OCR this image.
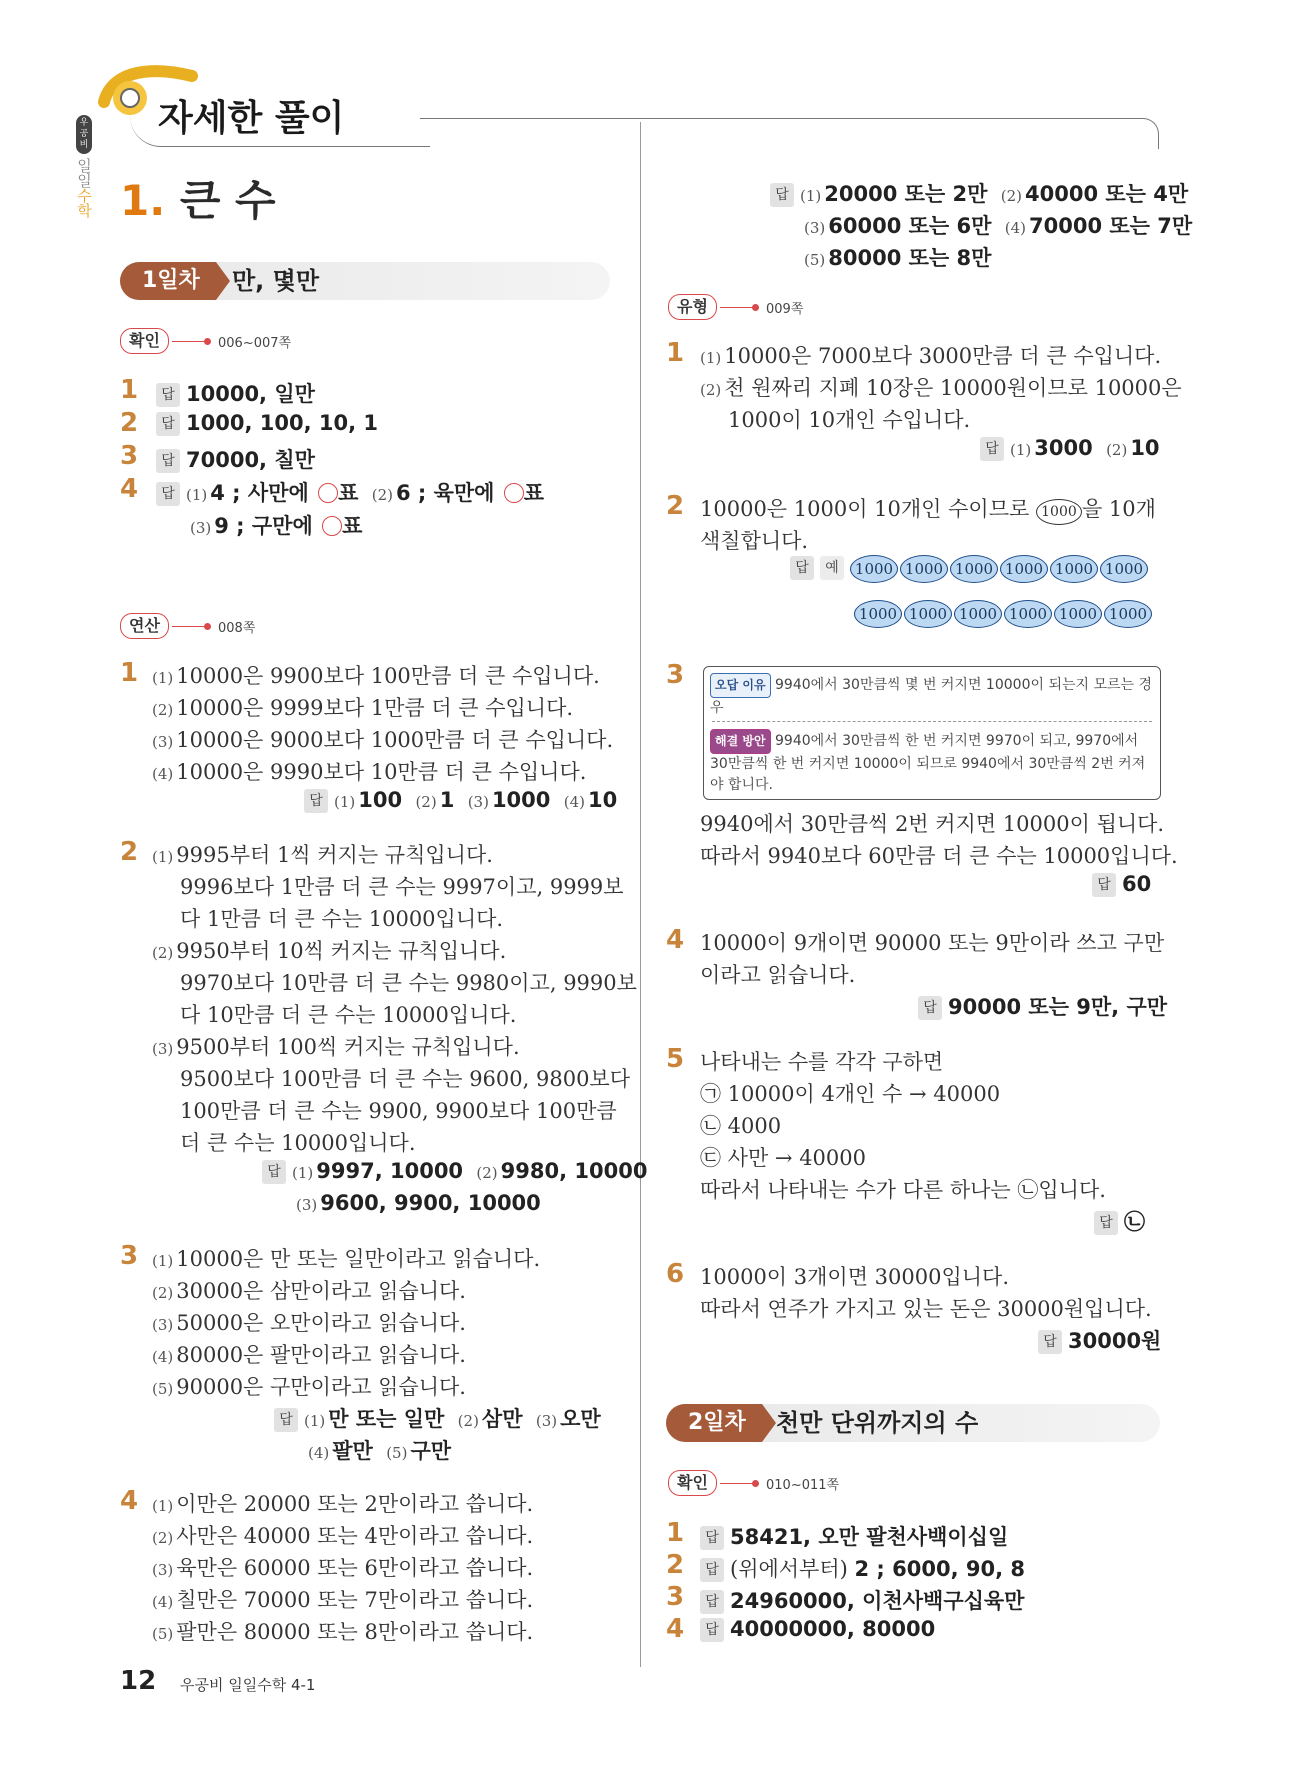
자세한 풀이
우공비
일일수학 1. 큰 수
1일차	만, 몇만
확인	006~007쪽
1	답 10000, 일만
2	답 1000, 100, 10, 1
3	답 70000, 칠만
4	답 (1) 4 ; 사만에 ○표 (2) 6 ; 육만에 ○표
(3) 9 ; 구만에 ○표
연산	008쪽
1 (1) 10000은 9900보다 100만큼 더 큰 수입니다.
(2) 10000은 9999보다 1만큼 더 큰 수입니다.
(3) 10000은 9000보다 1000만큼 더 큰 수입니다.
(4) 10000은 9990보다 10만큼 더 큰 수입니다.
답 (1) 100 (2) 1 (3) 1000 (4) 10
2 (1) 9995부터 1씩 커지는 규칙입니다.
9996보다 1만큼 더 큰 수는 9997이고, 9999보
다 1만큼 더 큰 수는 10000입니다.
(2) 9950부터 10씩 커지는 규칙입니다.
9970보다 10만큼 더 큰 수는 9980이고, 9990보
다 10만큼 더 큰 수는 10000입니다.
(3) 9500부터 100씩 커지는 규칙입니다.
9500보다 100만큼 더 큰 수는 9600, 9800보다
100만큼 더 큰 수는 9900, 9900보다 100만큼
더 큰 수는 10000입니다.
답 (1) 9997, 10000 (2) 9980, 10000
(3) 9600, 9900, 10000
3 (1) 10000은 만 또는 일만이라고 읽습니다.
(2) 30000은 삼만이라고 읽습니다.
(3) 50000은 오만이라고 읽습니다.
(4) 80000은 팔만이라고 읽습니다.
(5) 90000은 구만이라고 읽습니다.
답 (1) 만 또는 일만 (2) 삼만 (3) 오만
(4) 팔만 (5) 구만
4 (1) 이만은 20000 또는 2만이라고 씁니다.
(2) 사만은 40000 또는 4만이라고 씁니다.
(3) 육만은 60000 또는 6만이라고 씁니다.
(4) 칠만은 70000 또는 7만이라고 씁니다.
(5) 팔만은 80000 또는 8만이라고 씁니다.
답 (1) 20000 또는 2만 (2) 40000 또는 4만
(3) 60000 또는 6만 (4) 70000 또는 7만
(5) 80000 또는 8만
유형	009쪽
1 (1) 10000은 7000보다 3000만큼 더 큰 수입니다.
(2) 천 원짜리 지폐 10장은 10000원이므로 10000은
1000이 10개인 수입니다.
답 (1) 3000 (2) 10
2 10000은 1000이 10개인 수이므로 1000 을 10개
색칠합니다.
답 예 1000 1000 1000 1000 1000 1000
1000 1000 1000 1000 1000 1000
3	오답 이유 9940에서 30만큼씩 몇 번 커지면 10000이 되는지 모르는 경우
해결 방안 9940에서 30만큼씩 한 번 커지면 9970이 되고, 9970에서 30만큼씩 한 번 커지면 10000이 되므로 9940에서 30만큼씩 2번 커져야 합니다.
9940에서 30만큼씩 2번 커지면 10000이 됩니다.
따라서 9940보다 60만큼 더 큰 수는 10000입니다.
답 60
4 10000이 9개이면 90000 또는 9만이라 쓰고 구만
이라고 읽습니다.
답 90000 또는 9만, 구만
5 나타내는 수를 각각 구하면
㉠ 10000이 4개인 수 → 40000
㉡ 4000
㉢ 사만 → 40000
따라서 나타내는 수가 다른 하나는 ㉡입니다.
답 ㉡
6 10000이 3개이면 30000입니다.
따라서 연주가 가지고 있는 돈은 30000원입니다.
답 30000원
2일차	천만 단위까지의 수
확인	010~011쪽
1	답 58421, 오만 팔천사백이십일
2	답 (위에서부터) 2 ; 6000, 90, 8
3	답 24960000, 이천사백구십육만
4	답 40000000, 80000
12 우공비 일일수학 4-1
